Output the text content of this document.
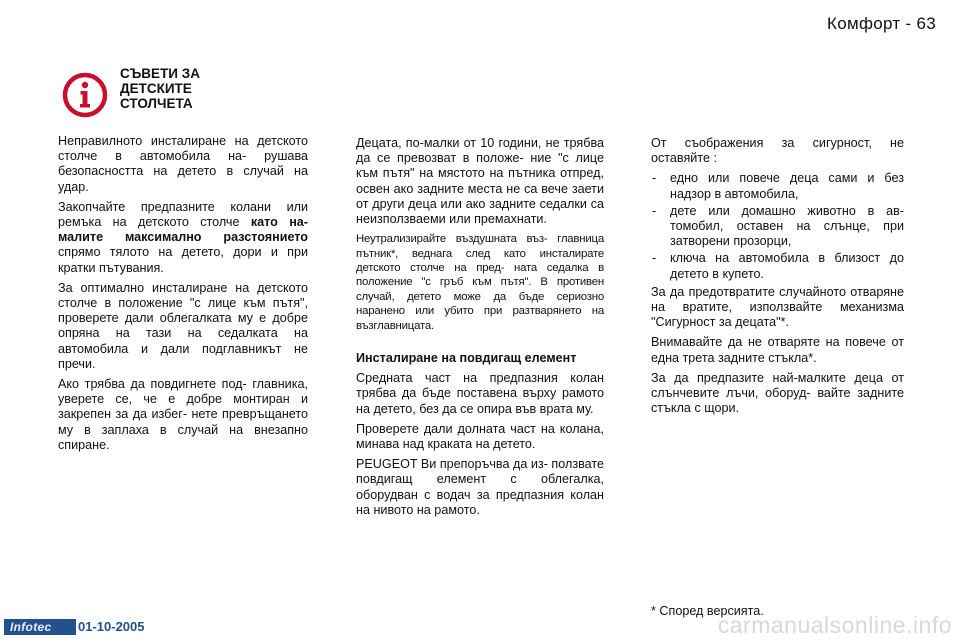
Комфорт - 63
СЪВЕТИ ЗА ДЕТСКИТЕ СТОЛЧЕТА

Неправилното инсталиране на детското столче в автомобила на- рушава безопасността на детето в случай на удар.

Закопчайте предпазните колани или ремъка на детското столче като на- малите максимално разстоянието спрямо тялото на детето, дори и при кратки пътувания.

За оптимално инсталиране на детското столче в положение "с лице към пътя", проверете дали облегалката му е добре опряна на тази на седалката на автомобила и дали подглавникът не пречи.

Ако трябва да повдигнете под- главника, уверете се, че е добре монтиран и закрепен за да избег- нете превръщането му в заплаха в случай на внезапно спиране.

Децата, по-малки от 10 години, не трябва да се превозват в положе- ние "с лице към пътя" на мястото на пътника отпред, освен ако задните места не са вече заети от други деца или ако задните седалки са неизползваеми или премахнати.

Неутрализирайте въздушната въз- главница пътник*, веднага след като инсталирате детското столче на пред- ната седалка в положение "с гръб към пътя". В противен случай, детето може да бъде сериозно наранено или убито при разтварянето на възглавницата.

Инсталиране на повдигащ елемент

Средната част на предпазния колан трябва да бъде поставена върху рамото на детето, без да се опира във врата му.

Проверете дали долната част на колана, минава над краката на детето.

PEUGEOT Ви препоръчва да из- ползвате повдигащ елемент с облегалка, оборудван с водач за предпазния колан на нивото на рамото.

От съображения за сигурност, не оставяйте :

- едно или повече деца сами и без надзор в автомобила,
- дете или домашно животно в ав- томобил, оставен на слънце, при затворени прозорци,
- ключа на автомобила в близост до детето в купето.

За да предотвратите случайното отваряне на вратите, използвайте механизма "Сигурност за децата"*.

Внимавайте да не отваряте на повече от една трета задните стъкла*.

За да предпазите най-малките деца от слънчевите лъчи, оборуд- вайте задните стъкла с щори.

* Според версията.
Infotec 01-10-2005	carmanualsonline.info
